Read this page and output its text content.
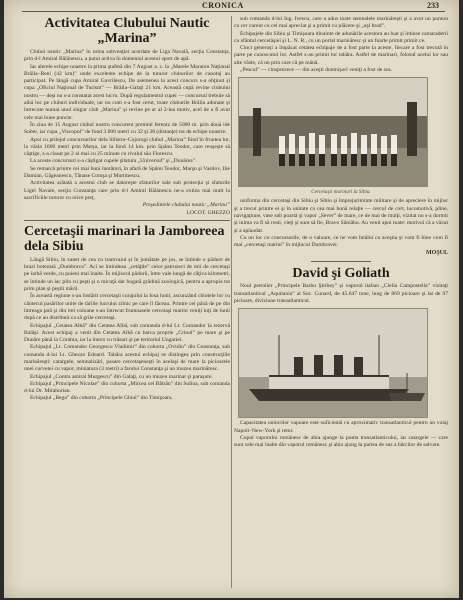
CRONICA	233
Activitatea Clubului Nautic „Marina”

Clubul nautic „Marina” în urma subvenţiei acordate de Liga Navală, secţia Constanţa, prin d-l Amiral Bălănescu, a putut activa în domeniul acestui sport de apă.

Iar alerele echipe noastre la prima ştafetă din 7 August a. c. la „Marele Maraton Naţional Brăila–Reni (42 km)” unde excelente echipe de la tuturor cluburilor de canotaj au participat. Pe lângă cupa Amiral Gavrilescu, De asemenea la acest concurs s-a obţinut şi cupa „Oficiul Naţional de Turism” — Brăila–Galaţi 21 km. Această cupă revine clubului nostru — deşi nu s-a constatat acest lucru. După regulamentul cupei — concursul trebuie să aibă loc pe cluburi individuale, iar nu cum s-a fost cerut, toate cluburile Brăila adunate şi întrecute numai unul singur club „Marina” şi revine pe ar al 2-lea motiv, acel de a fi avut cele mai bune puncte.

În ziua de 15 August clubul nostru concurent premiul ferentz de 5000 m. prin două ide Sober, iar cupa „Viscopol” de fond 3.000 metri cu 32 şi 38 (distanţe) tot de echipe noastre.

Apoi cu prilejul concursurilor dela Silistra–Cojorogi clubul „Marina” fiind în fruntea lor, la vâsla 1000 metri prin Marşu, iar la fond 14 km. prin Spânu Teodor, care reuşeşte să câştige, s-a clasat pe 2 al mai cu 25 minute cu rivalul său Florescu.

La aceste concursuri s-a câştigat cupele şilatura „Universul” şi „Dunărea”.

Se remarcă printre cei mai buni înotători, în afară de Spânu Teodor, Marşu şi Vasilov, Ilie Damian, Găgeanescu, Tănase Comşa şi Murtinescu.

Activitatea arătată a acestui club se datoreşte sfaturilor sale sub protecţia şi sfaturile Ligei Navale, secţia Constanţa care prin d-l Amiral Bălănescu ne-a extins mai mult la sacrificiile tuturor cu orice preţ.

Preşedintele clubului nautic „Marina”
LOCOT. GHEZZO
Cercetaşii marinari la Jamboreea dela Sibiu

Lângă Sibiu, în sunet de cea cu tramvaiul şi în jumătate pe jos, se întinde o pădure de brazi botezată „Dumbrava”. Aci se întindeau „cetăţile” celor patruzeci de mii de cercetaşi pe iarbă verde, cu poieni mai înalte. În mijlocul pădurii, între vale lungă de căţiva kilometri, se întinde un lac plin cu peşti şi o micuţă dar bogată grădină zoologică, pentru a apropia tot prim plan şi peştii mării.

În această regiune s-au înstărit cercetaşii curajului la Iosa lunii, ascunzând chiotele lor cu cântecul pasărilor unite de tăriile lucrului zilnic pe care îl făceau. Printre cei până de pe din întreaga ţară şi din trei coloane s-au întrecut frumoasele cercetaşi marini veniţi toţi de lunii după ce au distribuit ca să grile cercetaşi.

Echipajul „Cetatea Albă” din Cetatea Albă, sub comanda d-lui Lt. Comandor la rezervă Balăşi. Acest echipaj a venit din Cetatea Albă cu barca proprie „Crinul” pe mare şi pe Dunăre până la Corabia, iar la întors cu trăsuri şi pe teritoriul Ungariei.

Echipajul „Lt. Comandor Georgescu Vladimir” din cohorta „Ovidiu” din Constanţa, sub comanda d-lui Lt. Ghezzo Eduard. Tabăra acestui echipaj se distingea prin construcţiile marinăreşti: catargele, semnalizări, pasare cercetaşeneşti în acelaşi de mare la picioarele unei corvetei cu vapor, miniatura (3 metri) a farului Constanţa şi un muzeu marinăresc.

Echipajul „Contra amiral Murgescu” din Galaţi, cu un muzeu marinar şi paraşute.

Echipajul „Principele Nicolae” din cohorta „Mircea cel Bătrân” din Sulina, sub comanda d-lui Dr. Mirahorian.

Echipajul „Bega” din cohorta „Principele Ghiul” din Timişoara.

sub comanda d-lui Ing. Ivescu, care a adus toate semnalele marinăreşti şi a avut un ponton cu cer curent cu cel mai apreciat şi a primit cu plăcere şi „uşi brad”.

Echipajele din Sibiu şi Timişoara dinainte de adunările acestora au luat şi întinse camaraderii cu sfântul cercetăşiei şi L. N. R., cu un portal marinăresc şi un foarte primit primit ce.

Cinci generoşi a împăcat cetatea echipaje de a fost parte la aceste, fiecare a fost trecută în parte pe cunoscutul lor. Astfel s-au primit lor tabăra. Astfel de marinari, folosul acelui lor sau alte vâsle, că un prin care că pe mână.

„Pescul” — cinsprezece — din aceşti domnişori veniţi a fost de sus.

Cercetaşii marinari la Sibiu.

uniforma din cercetaşi din Sibiu şi Sibiu şi împrejuriminte militare şi de apreciere în mijloc şi a trecut printre ei şi în unitate cu cea mai bună relaţie — cercul de cort, locomotivă, pline, navigaţiune, vase sub poartă şi vapor „Sever” de mare, ce de mai de mulţi, vizitat nu s-a dormit şi inima va fi să rosti, vieţi şi sunt să fie, Bravo Sămăbu. Au venit apoi toate: motivul că a văzut şi a aplaudat.

Cu un loc cu concursurile, de o valoare, ce ne vom întâlni cu aceştia şi vom fi bine vom fi mai „cercetaşi marini” în mijlocul Dumbravei.

MOŞUL
David şi Goliath

Noul petrolier „Principele Barbu Ştirbey” şi vaporul italian „Clelia Campostella” vizitaţi transatlanticul „Aquitania” al Soc. Cunard, de 45.647 tone, lung de 869 picioare şi lat de 97 picioare, diviziune transatlanticul.

Capacitatea unitorilor vapoare este suficientă cu aproximativ transatlanticul pentru un voiaj Napoli–New-York şi retur.

Copul vaporului românesc de abia ajunge la punta transatlanticului, iar catargele — care sunt cele mai înalte din vaporul românesc şi abia ajung la partea de sus a bărcilor de salvare.
